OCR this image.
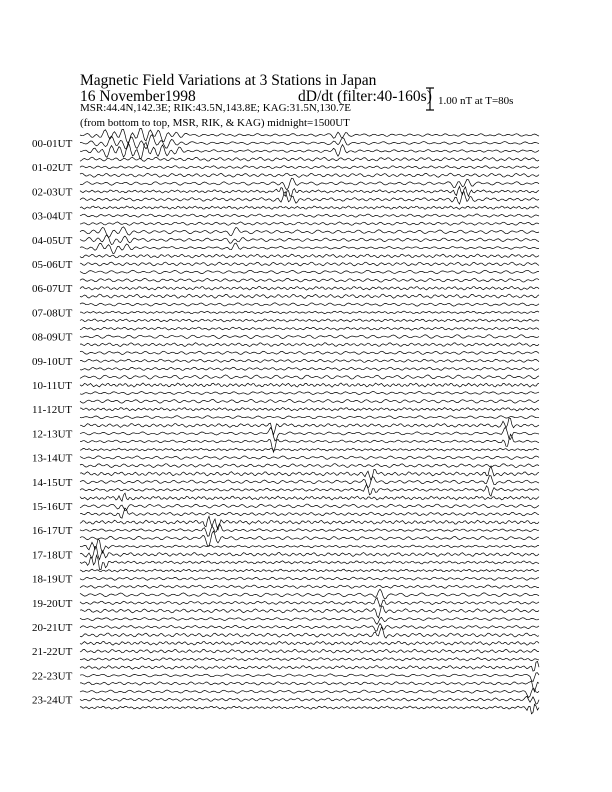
Magnetic Field Variations at 3 Stations in Japan
16 November1998	dD/dt (filter:40-160s)
MSR:44.4N,142.3E; RIK:43.5N,143.8E; KAG:31.5N,130.7E
(from bottom to top, MSR, RIK, & KAG) midnight=1500UT
1.00 nT at T=80s
00-01UT
01-02UT
02-03UT
03-04UT
04-05UT
05-06UT
06-07UT
07-08UT
08-09UT
09-10UT
10-11UT
11-12UT
12-13UT
13-14UT
14-15UT
15-16UT
16-17UT
17-18UT
18-19UT
19-20UT
20-21UT
21-22UT
22-23UT
23-24UT
